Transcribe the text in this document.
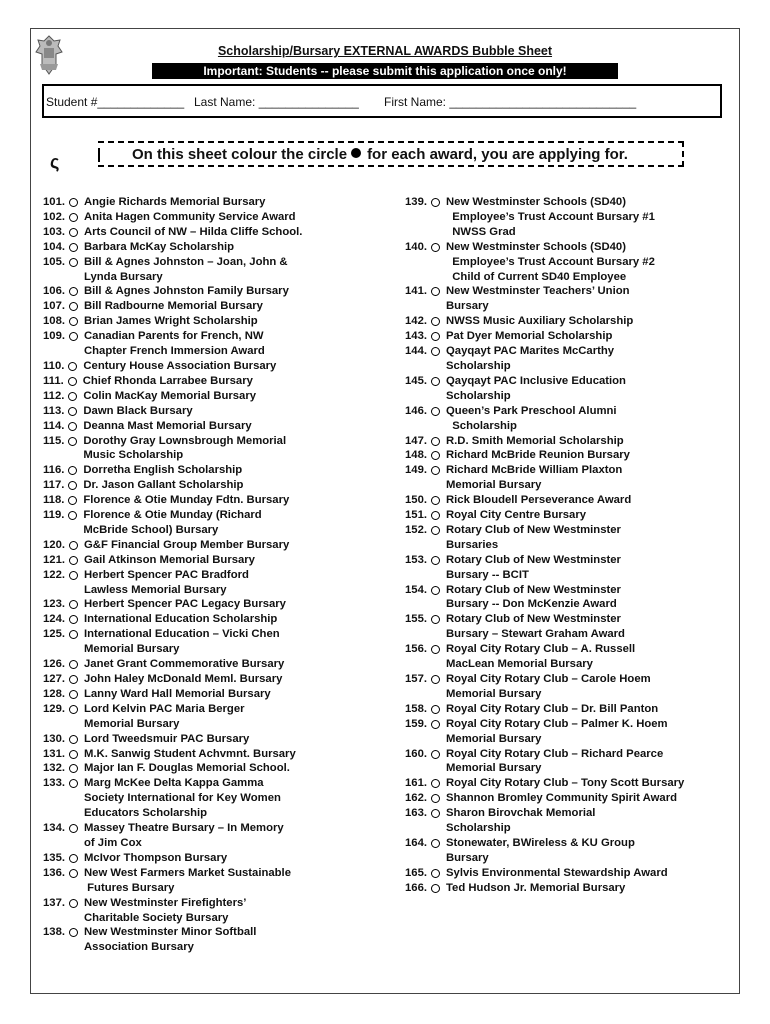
Scholarship/Bursary EXTERNAL AWARDS Bubble Sheet
Important: Students -- please submit this application once only!
Student #_____________ Last Name: _______________ First Name: ____________________________
ς	On this sheet colour the circle for each award, you are applying for.
101. Angie Richards Memorial Bursary
102. Anita Hagen Community Service Award
103. Arts Council of NW – Hilda Cliffe School.
104. Barbara McKay Scholarship
105. Bill & Agnes Johnston – Joan, John &
Lynda Bursary
106. Bill & Agnes Johnston Family Bursary
107. Bill Radbourne Memorial Bursary
108. Brian James Wright Scholarship
109. Canadian Parents for French, NW
Chapter French Immersion Award
110. Century House Association Bursary
111. Chief Rhonda Larrabee Bursary
112. Colin MacKay Memorial Bursary
113. Dawn Black Bursary
114. Deanna Mast Memorial Bursary
115. Dorothy Gray Lownsbrough Memorial
Music Scholarship
116. Dorretha English Scholarship
117. Dr. Jason Gallant Scholarship
118. Florence & Otie Munday Fdtn. Bursary
119. Florence & Otie Munday (Richard
McBride School) Bursary
120. G&F Financial Group Member Bursary
121. Gail Atkinson Memorial Bursary
122. Herbert Spencer PAC Bradford
Lawless Memorial Bursary
123. Herbert Spencer PAC Legacy Bursary
124. International Education Scholarship
125. International Education – Vicki Chen
Memorial Bursary
126. Janet Grant Commemorative Bursary
127. John Haley McDonald Meml. Bursary
128. Lanny Ward Hall Memorial Bursary
129. Lord Kelvin PAC Maria Berger
Memorial Bursary
130. Lord Tweedsmuir PAC Bursary
131. M.K. Sanwig Student Achvmnt. Bursary
132. Major Ian F. Douglas Memorial School.
133. Marg McKee Delta Kappa Gamma
Society International for Key Women
Educators Scholarship
134. Massey Theatre Bursary – In Memory
of Jim Cox
135. McIvor Thompson Bursary
136. New West Farmers Market Sustainable
Futures Bursary
137. New Westminster Firefighters’
Charitable Society Bursary
138. New Westminster Minor Softball
Association Bursary
139. New Westminster Schools (SD40)
Employee’s Trust Account Bursary #1
NWSS Grad
140. New Westminster Schools (SD40)
Employee’s Trust Account Bursary #2
Child of Current SD40 Employee
141. New Westminster Teachers’ Union
Bursary
142. NWSS Music Auxiliary Scholarship
143. Pat Dyer Memorial Scholarship
144. Qayqayt PAC Marites McCarthy
Scholarship
145. Qayqayt PAC Inclusive Education
Scholarship
146. Queen’s Park Preschool Alumni
Scholarship
147. R.D. Smith Memorial Scholarship
148. Richard McBride Reunion Bursary
149. Richard McBride William Plaxton
Memorial Bursary
150. Rick Bloudell Perseverance Award
151. Royal City Centre Bursary
152. Rotary Club of New Westminster
Bursaries
153. Rotary Club of New Westminster
Bursary -- BCIT
154. Rotary Club of New Westminster
Bursary -- Don McKenzie Award
155. Rotary Club of New Westminster
Bursary – Stewart Graham Award
156. Royal City Rotary Club – A. Russell
MacLean Memorial Bursary
157. Royal City Rotary Club – Carole Hoem
Memorial Bursary
158. Royal City Rotary Club – Dr. Bill Panton
159. Royal City Rotary Club – Palmer K. Hoem
Memorial Bursary
160. Royal City Rotary Club – Richard Pearce
Memorial Bursary
161. Royal City Rotary Club – Tony Scott Bursary
162. Shannon Bromley Community Spirit Award
163. Sharon Birovchak Memorial
Scholarship
164. Stonewater, BWireless & KU Group
Bursary
165. Sylvis Environmental Stewardship Award
166. Ted Hudson Jr. Memorial Bursary
